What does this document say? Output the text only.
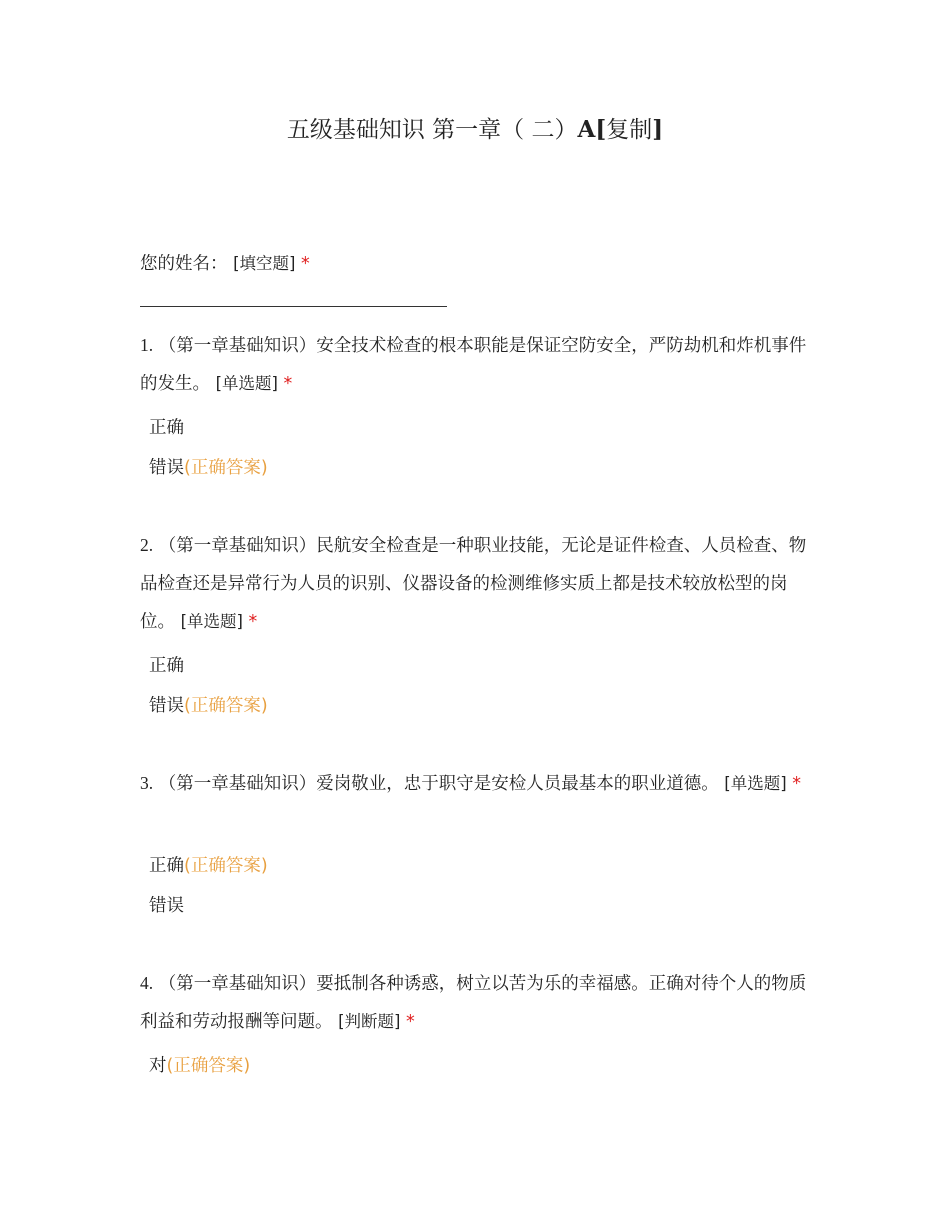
五级基础知识 第一章（ 二）A[复制]
您的姓名： [填空题] *
1. （第一章基础知识）安全技术检查的根本职能是保证空防安全，严防劫机和炸机事件的发生。 [单选题] *
正确
错误(正确答案)
2. （第一章基础知识）民航安全检查是一种职业技能，无论是证件检查、人员检查、物品检查还是异常行为人员的识别、仪器设备的检测维修实质上都是技术较放松型的岗位。 [单选题] *
正确
错误(正确答案)
3. （第一章基础知识）爱岗敬业，忠于职守是安检人员最基本的职业道德。 [单选题] *
正确(正确答案)
错误
4. （第一章基础知识）要抵制各种诱惑，树立以苦为乐的幸福感。正确对待个人的物质利益和劳动报酬等问题。 [判断题] *
对(正确答案)
